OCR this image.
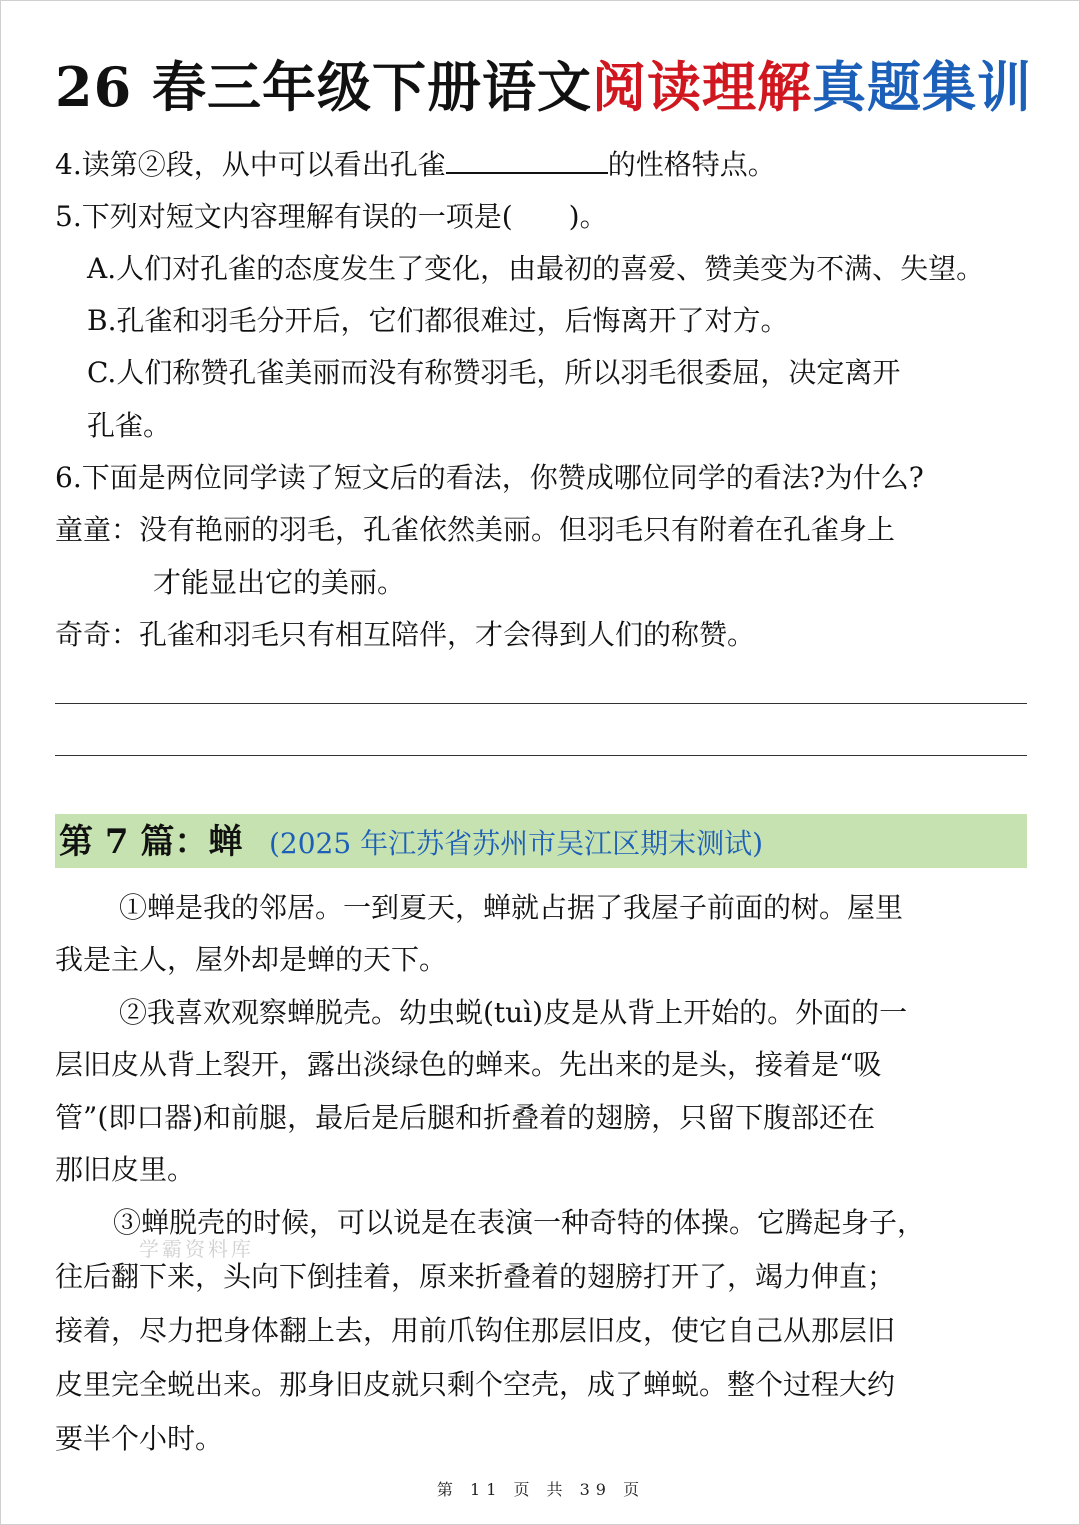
26 春三年级下册语文阅读理解真题集训
4.读第②段，从中可以看出孔雀	的性格特点。
5.下列对短文内容理解有误的一项是(　　)。
A.人们对孔雀的态度发生了变化，由最初的喜爱、赞美变为不满、失望。
B.孔雀和羽毛分开后，它们都很难过，后悔离开了对方。
C.人们称赞孔雀美丽而没有称赞羽毛，所以羽毛很委屈，决定离开
孔雀。
6.下面是两位同学读了短文后的看法，你赞成哪位同学的看法?为什么?
童童：没有艳丽的羽毛，孔雀依然美丽。但羽毛只有附着在孔雀身上
才能显出它的美丽。
奇奇：孔雀和羽毛只有相互陪伴，才会得到人们的称赞。
第 7 篇：蝉 (2025 年江苏省苏州市吴江区期末测试)
①蝉是我的邻居。一到夏天，蝉就占据了我屋子前面的树。屋里
我是主人，屋外却是蝉的天下。
②我喜欢观察蝉脱壳。幼虫蜕(tuì)皮是从背上开始的。外面的一
层旧皮从背上裂开，露出淡绿色的蝉来。先出来的是头，接着是“吸
管”(即口器)和前腿，最后是后腿和折叠着的翅膀，只留下腹部还在
那旧皮里。
③蝉脱壳的时候，可以说是在表演一种奇特的体操。它腾起身子，
往后翻下来，头向下倒挂着，原来折叠着的翅膀打开了，竭力伸直；
接着，尽力把身体翻上去，用前爪钩住那层旧皮，使它自己从那层旧
皮里完全蜕出来。那身旧皮就只剩个空壳，成了蝉蜕。整个过程大约
要半个小时。
学霸资料库
第 11 页 共 39 页
